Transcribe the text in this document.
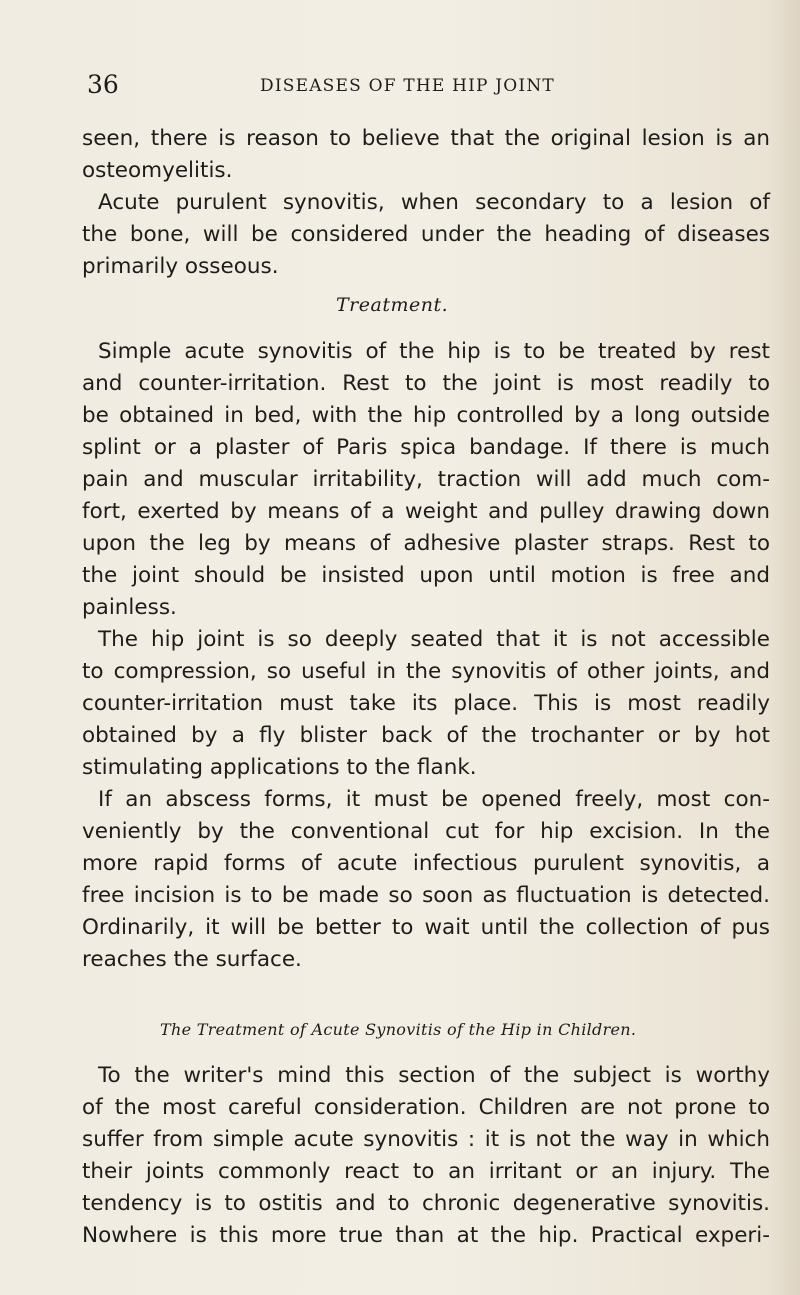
36	DISEASES OF THE HIP JOINT
seen, there is reason to believe that the original lesion is an
osteomyelitis.
Acute purulent synovitis, when secondary to a lesion of
the bone, will be considered under the heading of diseases
primarily osseous.
Treatment.
Simple acute synovitis of the hip is to be treated by rest
and counter-irritation. Rest to the joint is most readily to
be obtained in bed, with the hip controlled by a long outside
splint or a plaster of Paris spica bandage. If there is much
pain and muscular irritability, traction will add much com-
fort, exerted by means of a weight and pulley drawing down
upon the leg by means of adhesive plaster straps. Rest to
the joint should be insisted upon until motion is free and
painless.
The hip joint is so deeply seated that it is not accessible
to compression, so useful in the synovitis of other joints, and
counter-irritation must take its place. This is most readily
obtained by a fly blister back of the trochanter or by hot
stimulating applications to the flank.
If an abscess forms, it must be opened freely, most con-
veniently by the conventional cut for hip excision. In the
more rapid forms of acute infectious purulent synovitis, a
free incision is to be made so soon as fluctuation is detected.
Ordinarily, it will be better to wait until the collection of pus
reaches the surface.
The Treatment of Acute Synovitis of the Hip in Children.
To the writer's mind this section of the subject is worthy
of the most careful consideration. Children are not prone to
suffer from simple acute synovitis : it is not the way in which
their joints commonly react to an irritant or an injury. The
tendency is to ostitis and to chronic degenerative synovitis.
Nowhere is this more true than at the hip. Practical experi-
